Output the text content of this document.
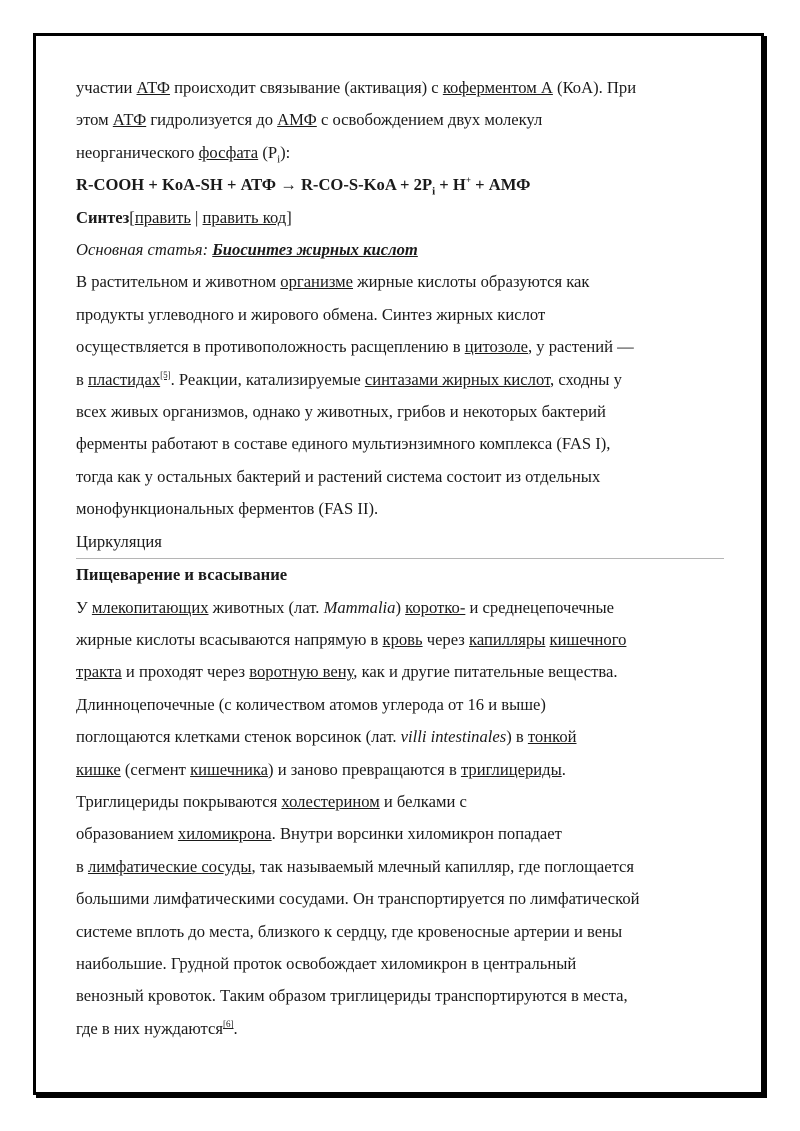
участии АТФ происходит связывание (активация) с коферментом А (КоА). При
этом АТФ гидролизуется до АМФ с освобождением двух молекул
неорганического фосфата $(P_i)$:
R-COOH + KoA-SH + АТФ → $R-CO-S-KoA + 2P_i + H^+$ + АМФ
Синтез[править | править код]
Основная статья: Биосинтез жирных кислот
В растительном и животном организме жирные кислоты образуются как
продукты углеводного и жирового обмена. Синтез жирных кислот
осуществляется в противоположность расщеплению в цитозоле, у растений —
в пластидах[5]. Реакции, катализируемые синтазами жирных кислот, сходны у
всех живых организмов, однако у животных, грибов и некоторых бактерий
ферменты работают в составе единого мультиэнзимного комплекса (FAS I),
тогда как у остальных бактерий и растений система состоит из отдельных
монофункциональных ферментов (FAS II).
Циркуляция
Пищеварение и всасывание
У млекопитающих животных (лат. Mammalia) коротко- и среднецепочечные
жирные кислоты всасываются напрямую в кровь через капилляры кишечного
тракта и проходят через воротную вену, как и другие питательные вещества.
Длинноцепочечные (с количеством атомов углерода от 16 и выше)
поглощаются клетками стенок ворсинок (лат. villi intestinales) в тонкой
кишке (сегмент кишечника) и заново превращаются в триглицериды.
Триглицериды покрываются холестерином и белками с
образованием хиломикрона. Внутри ворсинки хиломикрон попадает
в лимфатические сосуды, так называемый млечный капилляр, где поглощается
большими лимфатическими сосудами. Он транспортируется по лимфатической
системе вплоть до места, близкого к сердцу, где кровеносные артерии и вены
наибольшие. Грудной проток освобождает хиломикрон в центральный
венозный кровоток. Таким образом триглицериды транспортируются в места,
где в них нуждаются[6].
